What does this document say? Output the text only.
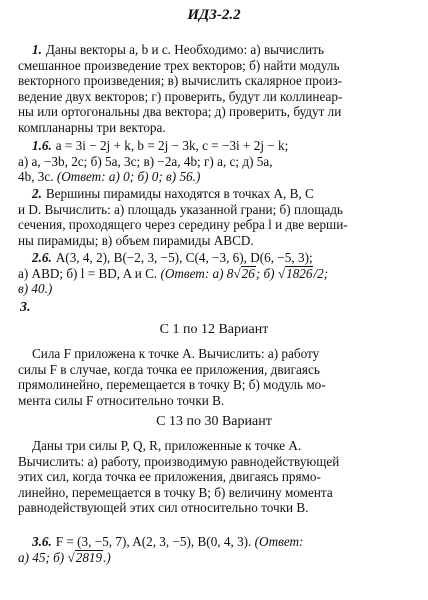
ИДЗ-2.2
1. Даны векторы a, b и c. Необходимо: а) вычислить
смешанное произведение трех векторов; б) найти модуль
векторного произведения; в) вычислить скалярное произ-
ведение двух векторов; г) проверить, будут ли коллинеар-
ны или ортогональны два вектора; д) проверить, будут ли
компланарны три вектора.
1.6. a = 3i − 2j + k, b = 2j − 3k, c = −3i + 2j − k;
а) a, −3b, 2c; б) 5a, 3c; в) −2a, 4b; г) a, c; д) 5a,
4b, 3c. (Ответ: а) 0; б) 0; в) 56.)
2. Вершины пирамиды находятся в точках A, B, C
и D. Вычислить: а) площадь указанной грани; б) площадь
сечения, проходящего через середину ребра l и две верши-
ны пирамиды; в) объем пирамиды ABCD.
2.6. A(3, 4, 2), B(−2, 3, −5), C(4, −3, 6), D(6, −5, 3);
а) ABD; б) l = BD, A и C. (Ответ: а) 8√26; б) √1826/2;
в) 40.)
3.
С 1 по 12 Вариант
Сила F приложена к точке A. Вычислить: а) работу
силы F в случае, когда точка ее приложения, двигаясь
прямолинейно, перемещается в точку B; б) модуль мо-
мента силы F относительно точки B.
С 13 по 30 Вариант
Даны три силы P, Q, R, приложенные к точке A.
Вычислить: а) работу, производимую равнодействующей
этих сил, когда точка ее приложения, двигаясь прямо-
линейно, перемещается в точку B; б) величину момента
равнодействующей этих сил относительно точки B.
3.6. F = (3, −5, 7), A(2, 3, −5), B(0, 4, 3). (Ответ:
а) 45; б) √2819.)
